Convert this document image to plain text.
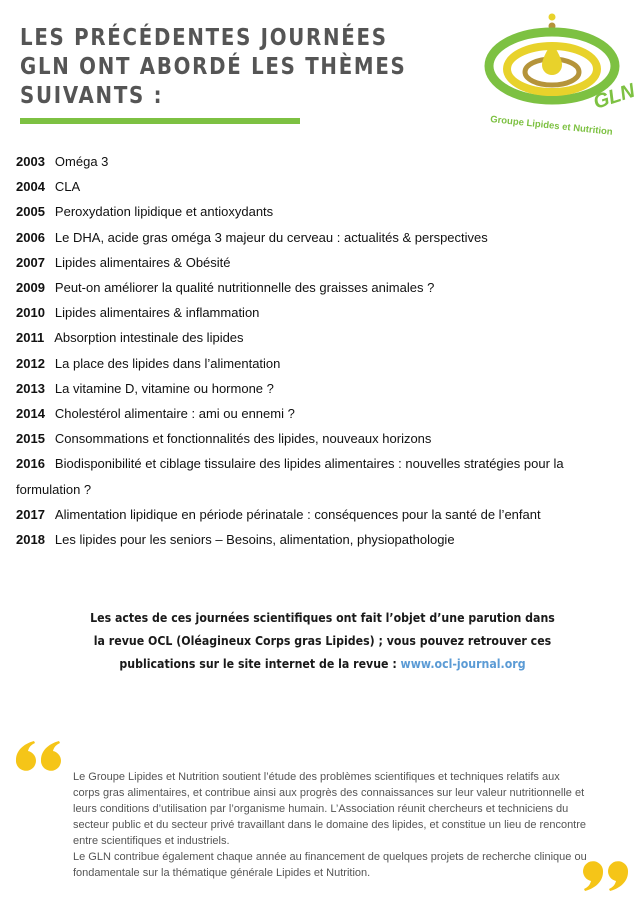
LES PRÉCÉDENTES JOURNÉES
GLN ONT ABORDÉ LES THÈMES
SUIVANTS :	GLN
Groupe Lipides et Nutrition
2003 Oméga 3
2004 CLA
2005 Peroxydation lipidique et antioxydants
2006 Le DHA, acide gras oméga 3 majeur du cerveau : actualités & perspectives
2007 Lipides alimentaires & Obésité
2009 Peut-on améliorer la qualité nutritionnelle des graisses animales ?
2010 Lipides alimentaires & inflammation
2011 Absorption intestinale des lipides
2012 La place des lipides dans l’alimentation
2013 La vitamine D, vitamine ou hormone ?
2014 Cholestérol alimentaire : ami ou ennemi ?
2015 Consommations et fonctionnalités des lipides, nouveaux horizons
2016 Biodisponibilité et ciblage tissulaire des lipides alimentaires : nouvelles stratégies pour la formulation ?
2017 Alimentation lipidique en période périnatale : conséquences pour la santé de l’enfant
2018 Les lipides pour les seniors – Besoins, alimentation, physiopathologie

Les actes de ces journées scientifiques ont fait l’objet d’une parution dans la revue OCL (Oléagineux Corps gras Lipides) ; vous pouvez retrouver ces publications sur le site internet de la revue : www.ocl-journal.org

Le Groupe Lipides et Nutrition soutient l’étude des problèmes scientifiques et techniques relatifs aux corps gras alimentaires, et contribue ainsi aux progrès des connaissances sur leur valeur nutritionnelle et leurs conditions d’utilisation par l’organisme humain. L’Association réunit chercheurs et techniciens du secteur public et du secteur privé travaillant dans le domaine des lipides, et constitue un lieu de rencontre entre scientifiques et industriels.

Le GLN contribue également chaque année au financement de quelques projets de recherche clinique ou fondamentale sur la thématique générale Lipides et Nutrition.
